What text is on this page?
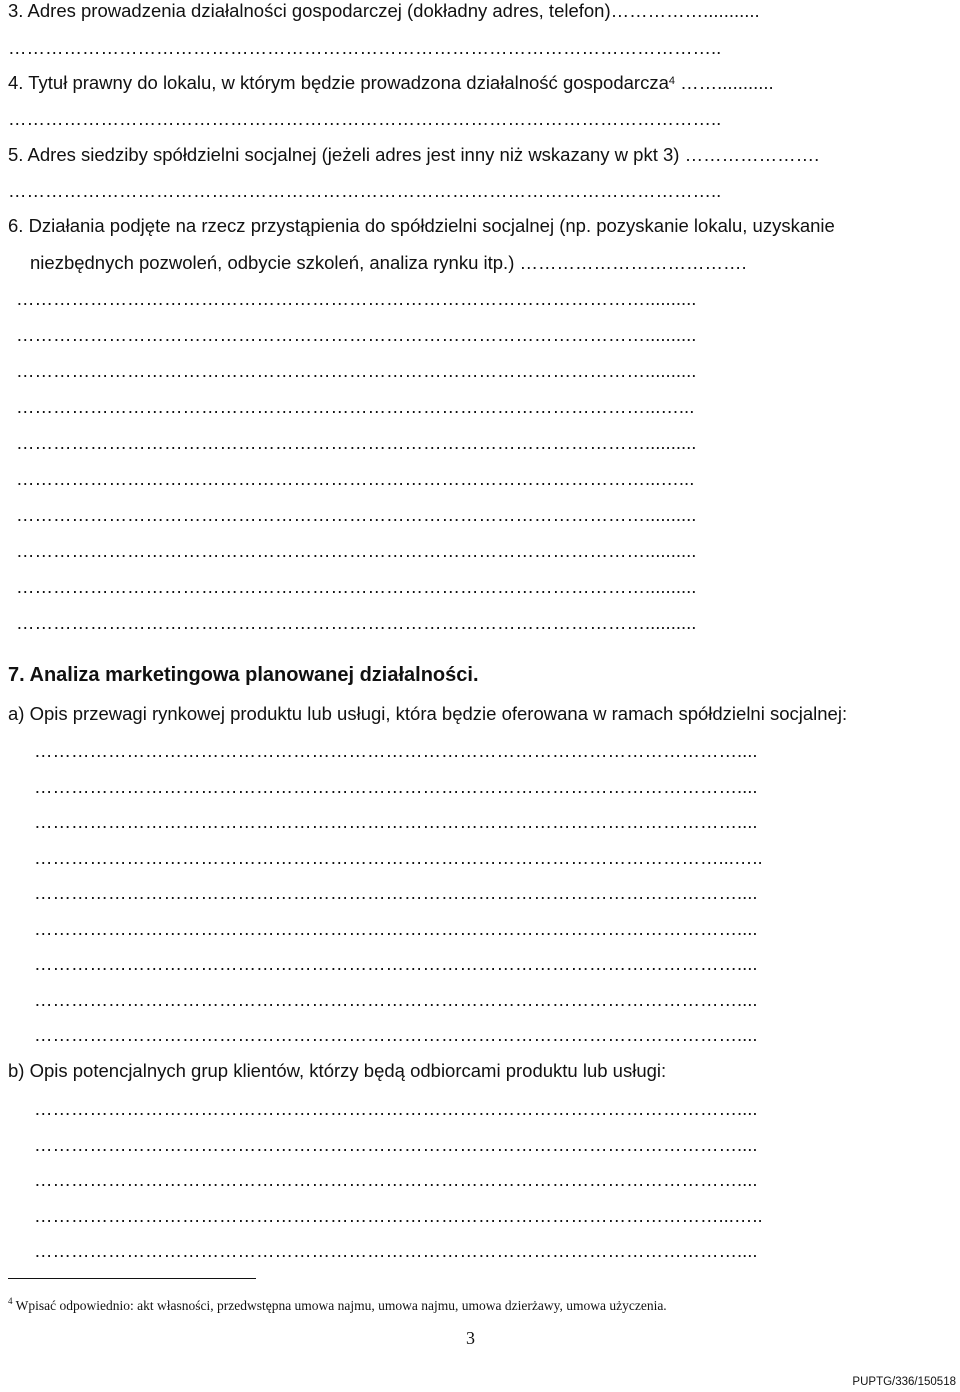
3. Adres prowadzenia działalności gospodarczej (dokładny adres, telefon)……………...........
……………………………………………………………………………………………………..
4. Tytuł prawny do lokalu, w którym będzie prowadzona działalność gospodarcza$^4$ ……...........
……………………………………………………………………………………………………..
5. Adres siedziby spółdzielni socjalnej (jeżeli adres jest inny niż wskazany w pkt 3) ………………….
……………………………………………………………………………………………………..
6. Działania podjęte na rzecz przystąpienia do spółdzielni socjalnej (np. pozyskanie lokalu, uzyskanie
niezbędnych pozwoleń, odbycie szkoleń, analiza rynku itp.) ……………………………….
…………………………………………………………………………………………..........
…………………………………………………………………………………………..........
…………………………………………………………………………………………..........
…………………………………………………………………………………………...…...
…………………………………………………………………………………………..........
…………………………………………………………………………………………...…...
…………………………………………………………………………………………..........
…………………………………………………………………………………………..........
…………………………………………………………………………………………..........
…………………………………………………………………………………………..........
7. Analiza marketingowa planowanej działalności.
a) Opis przewagi rynkowej produktu lub usługi, która będzie oferowana w ramach spółdzielni socjalnej:
……………………………………………………………………………………………………....
……………………………………………………………………………………………………....
……………………………………………………………………………………………………....
…………………………………………………………………………………………………...…..
……………………………………………………………………………………………………....
……………………………………………………………………………………………………....
……………………………………………………………………………………………………....
……………………………………………………………………………………………………....
……………………………………………………………………………………………………....
b) Opis potencjalnych grup klientów, którzy będą odbiorcami produktu lub usługi:
……………………………………………………………………………………………………....
……………………………………………………………………………………………………....
……………………………………………………………………………………………………....
…………………………………………………………………………………………………...…..
……………………………………………………………………………………………………....
$^4$ Wpisać odpowiednio: akt własności, przedwstępna umowa najmu, umowa najmu, umowa dzierżawy, umowa użyczenia.
3
PUPTG/336/150518
